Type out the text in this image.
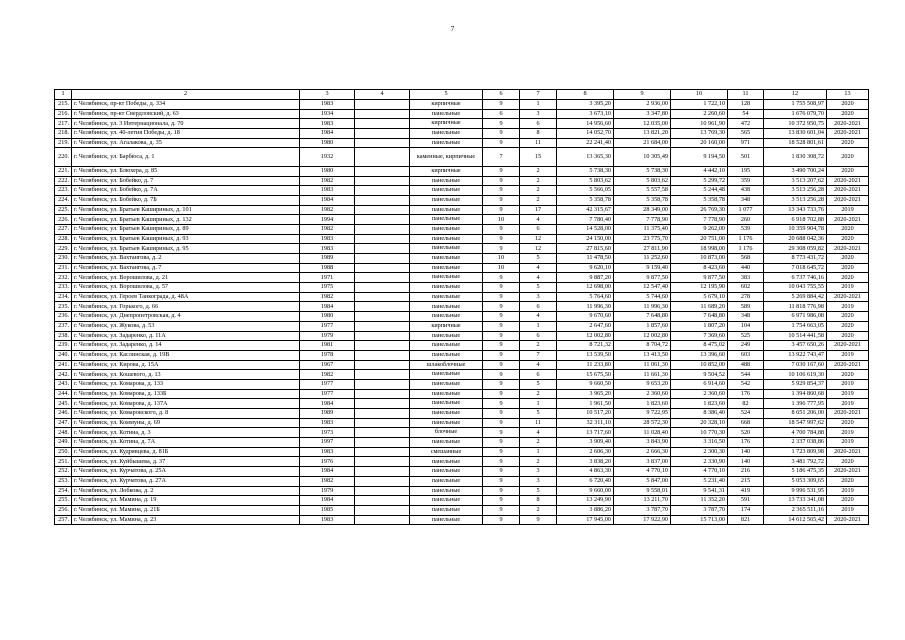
7
1	2	3	4	5	6	7	8	9	10	11	12	13
215.	г. Челябинск, пр-кт Победы, д. 334	1983		кирпичные	9	1	3 395,20	2 936,00	1 722,10	128	1 755 508,97	2020
216.	г. Челябинск, пр-кт Свердловский, д. 63	1934		панельные	6	3	3 673,10	3 347,80	2 260,60	54	1 676 079,70	2020
217.	г. Челябинск, ул. 3 Интернационала, д. 70	1983		кирпичные	9	6	14 956,60	12 035,00	10 961,90	472	10 372 950,75	2020-2021
218.	г. Челябинск, ул. 40-летия Победы, д. 18	1984		панельные	9	8	14 052,70	13 821,20	13 769,30	565	13 830 601,04	2020-2021
219.	г. Челябинск, ул. Агалакова, д. 35	1980		панельные	9	11	22 241,40	21 684,00	20 160,00	971	18 528 801,61	2020
220.	г. Челябинск, ул. Барбюса, д. 1	1932		каменные, кирпичные	7	15	13 365,30	10 305,49	9 194,50	501	1 830 308,72	2020
221.	г. Челябинск, ул. Блюхера, д. 85	1980		кирпичные	9	2	5 738,30	5 738,30	4 442,10	195	3 490 700,24	2020
222.	г. Челябинск, ул. Бобейко, д. 7	1982		панельные	9	2	5 803,62	5 803,62	5 299,72	359	3 513 207,62	2020-2021
223.	г. Челябинск, ул. Бобейко, д. 7А	1983		панельные	9	2	5 566,05	5 557,58	5 244,48	438	3 513 256,28	2020-2021
224.	г. Челябинск, ул. Бобейко, д. 7Б	1984		панельные	9	2	5 358,78	5 358,78	5 358,78	348	3 513 256,28	2020-2021
225.	г. Челябинск, ул. Братьев Кашириных, д. 101	1982		панельные	9	17	42 315,67	28 349,00	26 769,30	1 077	13 343 733,76	2019
226.	г. Челябинск, ул. Братьев Кашириных, д. 132	1994		панельные	10	4	7 780,40	7 778,90	7 778,90	260	6 918 702,88	2020-2021
227.	г. Челябинск, ул. Братьев Кашириных, д. 89	1982		панельные	9	6	14 528,00	11 375,40	9 262,00	539	10 359 904,78	2020
228.	г. Челябинск, ул. Братьев Кашириных, д. 93	1983		панельные	9	12	24 150,00	23 775,70	20 751,00	1 176	20 688 042,36	2020
229.	г. Челябинск, ул. Братьев Кашириных, д. 95	1983		панельные	9	12	27 815,60	27 811,90	18 998,00	1 176	29 308 059,82	2020-2021
230.	г. Челябинск, ул. Вахтангова, д. 2	1989		панельные	10	5	11 478,50	11 252,60	10 873,00	568	8 773 431,72	2020
231.	г. Челябинск, ул. Вахтангова, д. 7	1988		панельные	10	4	9 620,10	9 159,40	8 423,60	440	7 018 645,72	2020
232.	г. Челябинск, ул. Ворошилова, д. 21	1971		панельные	9	4	9 887,20	9 877,50	9 877,50	383	6 737 746,16	2020
233.	г. Челябинск, ул. Ворошилова, д. 57	1975		панельные	9	5	12 698,00	12 547,40	12 195,90	602	10 043 755,55	2019
234.	г. Челябинск, ул. Героев Танкограда, д. 48А	1982		панельные	9	3	5 764,60	5 744,60	5 679,10	278	5 269 884,42	2020-2021
235.	г. Челябинск, ул. Горького, д. 66	1984		панельные	9	6	11 996,30	11 996,30	11 689,20	589	11 818 776,98	2019
236.	г. Челябинск, ул. Днепропетровская, д. 4	1980		панельные	9	4	9 670,60	7 648,80	7 648,80	348	6 971 986,08	2020
237.	г. Челябинск, ул. Жукова, д. 53	1977		кирпичные	9	1	2 647,60	1 857,60	1 807,20	104	1 754 663,05	2020
238.	г. Челябинск, ул. Задаренко, д. 11А	1979		панельные	9	6	12 002,80	12 002,80	7 369,60	525	10 514 441,58	2020
239.	г. Челябинск, ул. Задаренко, д. 14	1981		панельные	9	2	8 721,32	8 704,72	8 475,02	249	3 457 650,26	2020-2021
240.	г. Челябинск, ул. Каслинская, д. 19В	1978		панельные	9	7	13 539,50	13 413,50	13 396,60	603	13 922 743,47	2019
241.	г. Челябинск, ул. Кирова, д. 15А	1967		шлакоблочные	9	4	11 233,80	11 061,30	10 852,00	488	7 030 167,60	2020-2021
242.	г. Челябинск, ул. Кошевого, д. 13	1982		панельные	9	6	15 675,50	11 661,30	9 504,52	544	10 106 619,30	2020
243.	г. Челябинск, ул. Комарова, д. 133	1977		панельные	9	5	9 660,50	9 653,20	6 914,60	542	5 929 854,37	2019
244.	г. Челябинск, ул. Комарова, д. 133Б	1977		панельные	9	2	3 965,20	2 360,60	2 360,60	176	1 394 860,68	2019
245.	г. Челябинск, ул. Комарова, д. 137А	1984		панельные	9	1	1 961,50	1 823,60	1 823,60	82	1 396 777,95	2019
246.	г. Челябинск, ул. Комаровского, д. 8	1989		панельные	9	5	10 517,20	9 722,95	8 386,40	524	8 651 206,00	2020-2021
247.	г. Челябинск, ул. Коммуны, д. 69	1983		панельные	9	11	32 311,10	28 572,30	20 328,10	668	18 547 997,62	2020
248.	г. Челябинск, ул. Котина, д. 3	1973		блочные	9	4	13 717,60	11 028,40	10 770,30	520	4 700 784,88	2019
249.	г. Челябинск, ул. Котина, д. 7А	1997		панельные	9	2	3 909,40	3 843,90	3 316,50	176	2 337 038,86	2019
250.	г. Челябинск, ул. Кудрявцева, д. 81Б	1983		смешанные	9	1	2 606,30	2 666,30	2 300,30	140	1 723 809,98	2020-2021
251.	г. Челябинск, ул. Куйбышева, д. 37	1976		панельные	9	2	3 838,20	3 837,00	2 330,90	140	3 481 792,72	2020
252.	г. Челябинск, ул. Курчатова, д. 25А	1984		панельные	9	3	4 863,30	4 770,10	4 770,10	216	5 186 475,35	2020-2021
253.	г. Челябинск, ул. Курчатова, д. 27А	1982		панельные	9	3	6 720,40	5 847,00	5 231,40	215	5 053 309,65	2020
254.	г. Челябинск, ул. Лобкова, д. 2	1979		панельные	9	5	9 660,00	9 558,01	9 541,31	419	9 996 531,95	2019
255.	г. Челябинск, ул. Мамина, д. 19	1984		панельные	9	8	13 249,90	13 211,70	11 352,20	591	13 733 341,08	2020
256.	г. Челябинск, ул. Мамина, д. 21Б	1985		панельные	9	2	3 886,20	3 787,70	3 787,70	174	2 365 511,16	2019
257.	г. Челябинск, ул. Мамина, д. 23	1983		панельные	9	9	17 945,00	17 922,90	15 713,00	821	14 612 565,42	2020-2021
